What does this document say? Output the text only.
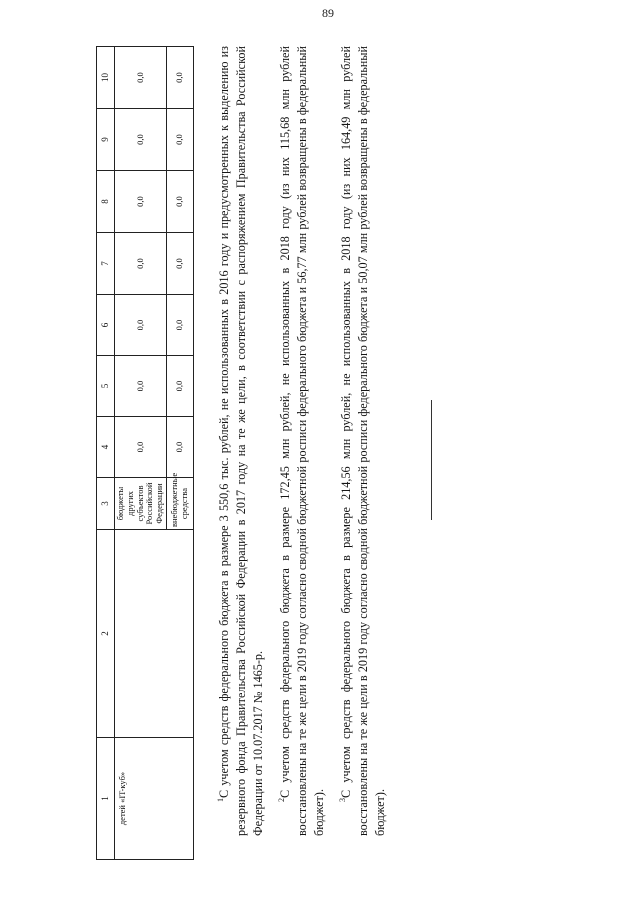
89
1	2	3	4	5	6	7	8	9	10
детей «IT-куб»		бюджеты других субъектов Российской Федерации	0,0	0,0	0,0	0,0	0,0	0,0	0,0
		внебюджетные средства	0,0	0,0	0,0	0,0	0,0	0,0	0,0

$^1$С учетом средств федерального бюджета в размере 3 550,6 тыс. рублей, не использованных в 2016 году и предусмотренных к выделению из резервного фонда Правительства Российской Федерации в 2017 году на те же цели, в соответствии с распоряжением Правительства Российской Федерации от 10.07.2017 № 1465-р. $^2$С учетом средств федерального бюджета в размере 172,45 млн рублей, не использованных в 2018 году (из них 115,68 млн рублей восстановлены на те же цели в 2019 году согласно сводной бюджетной росписи федерального бюджета и 56,77 млн рублей возвращены в федеральный бюджет). $^3$С учетом средств федерального бюджета в размере 214,56 млн рублей, не использованных в 2018 году (из них 164,49 млн рублей восстановлены на те же цели в 2019 году согласно сводной бюджетной росписи федерального бюджета и 50,07 млн рублей возвращены в федеральный бюджет).
